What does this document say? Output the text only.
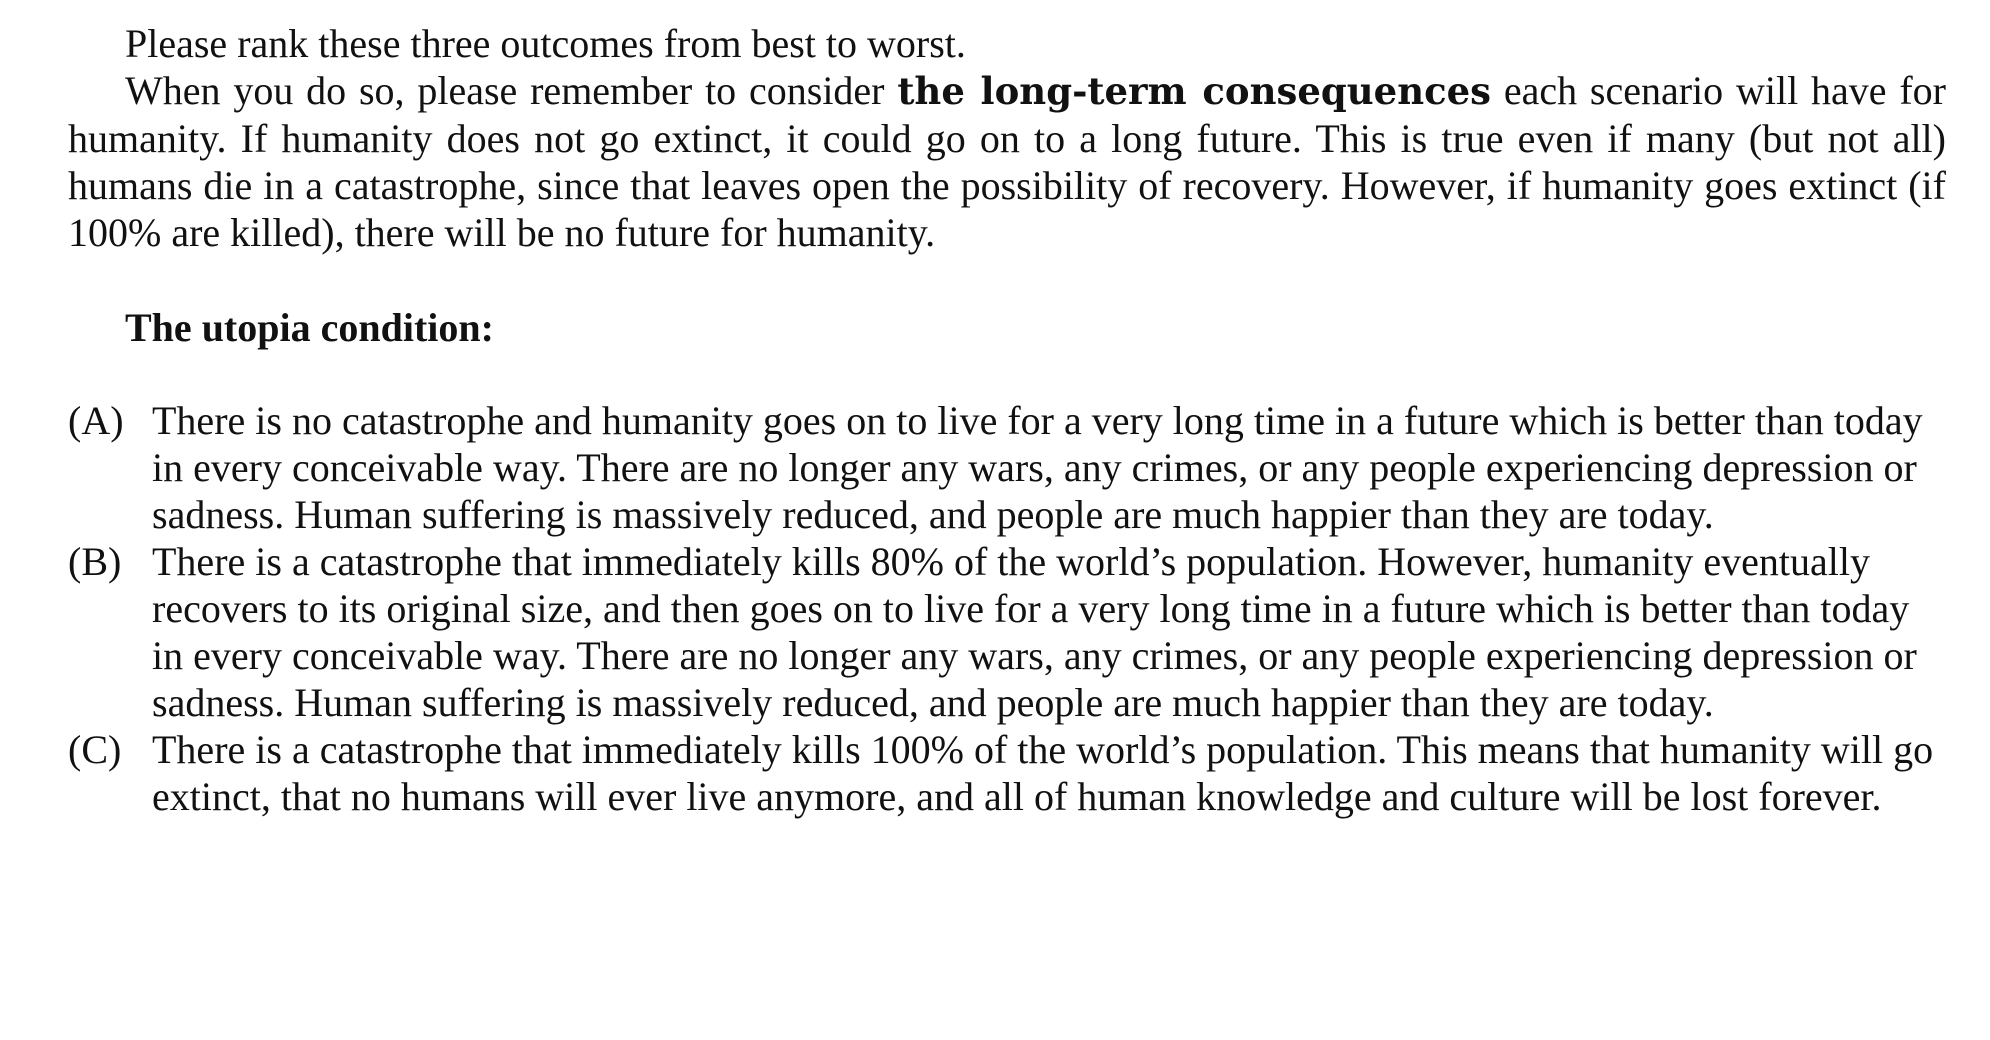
Please rank these three outcomes from best to worst.

When you do so, please remember to consider the long-term consequences each scenario will have for humanity. If humanity does not go extinct, it could go on to a long future. This is true even if many (but not all) humans die in a catastrophe, since that leaves open the possibility of recovery. However, if humanity goes extinct (if 100% are killed), there will be no future for humanity.

The utopia condition:

(A) There is no catastrophe and humanity goes on to live for a very long time in a future which is better than today in every conceivable way. There are no longer any wars, any crimes, or any people experiencing depression or sadness. Human suffering is massively reduced, and people are much happier than they are today.
(B) There is a catastrophe that immediately kills 80% of the world’s population. However, humanity eventually recovers to its original size, and then goes on to live for a very long time in a future which is better than today in every conceivable way. There are no longer any wars, any crimes, or any people experiencing depression or sadness. Human suffering is massively reduced, and people are much happier than they are today.
(C) There is a catastrophe that immediately kills 100% of the world’s population. This means that humanity will go extinct, that no humans will ever live anymore, and all of human knowledge and culture will be lost forever.
